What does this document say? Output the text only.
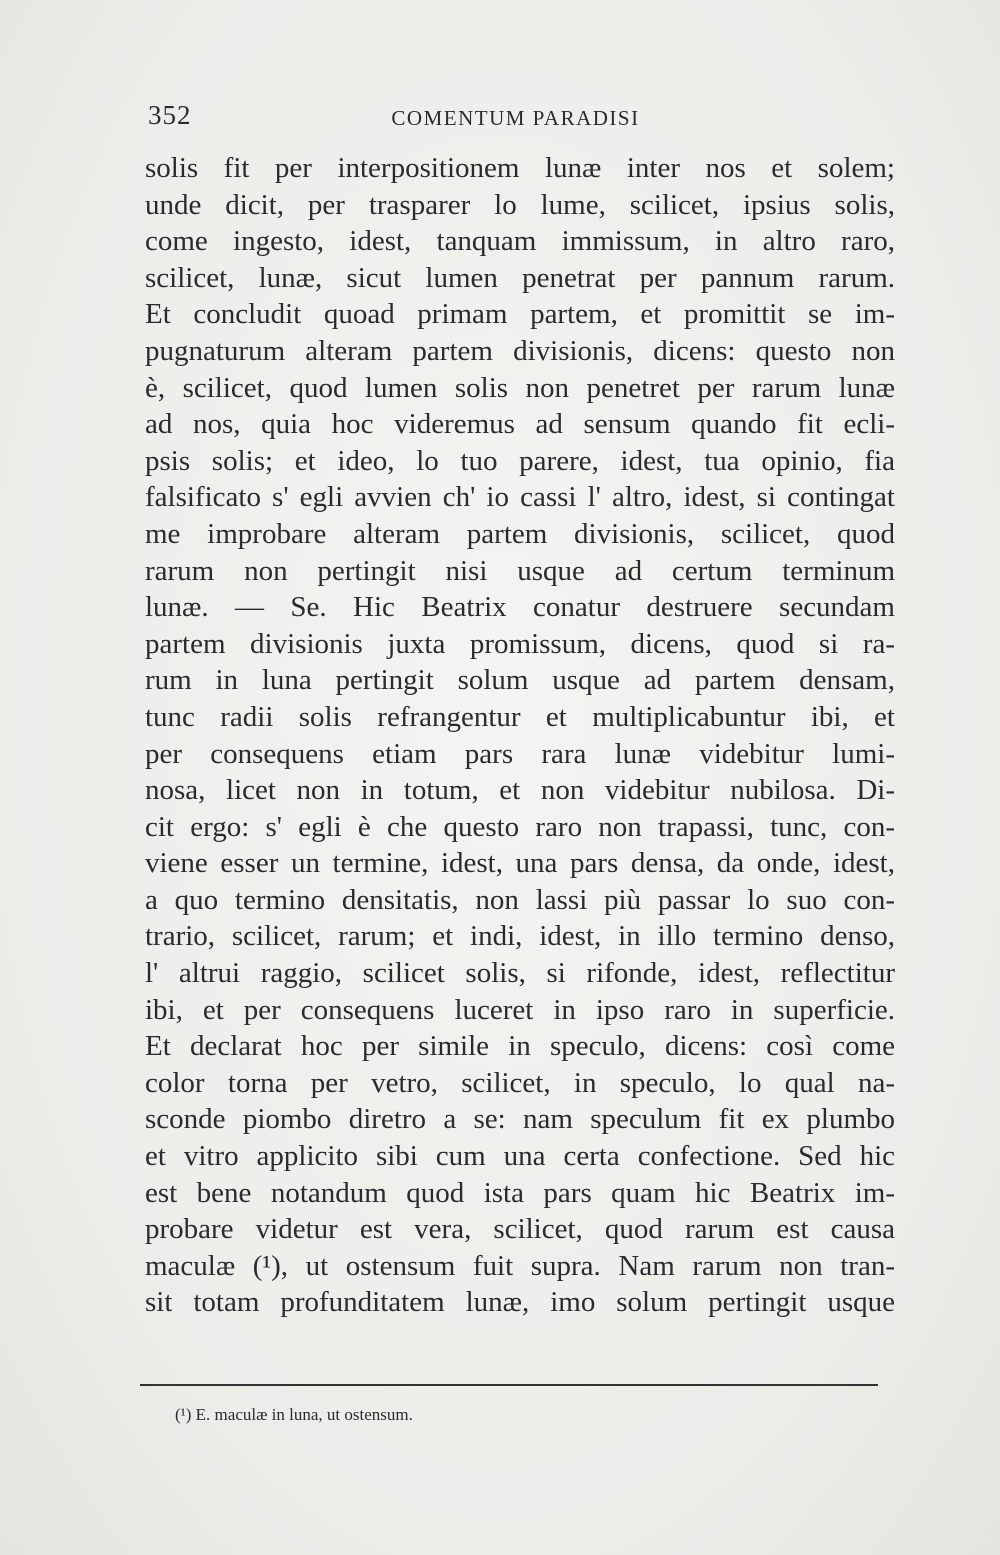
352	COMENTUM PARADISI
solis fit per interpositionem lunæ inter nos et solem;
unde dicit, per trasparer lo lume, scilicet, ipsius solis,
come ingesto, idest, tanquam immissum, in altro raro,
scilicet, lunæ, sicut lumen penetrat per pannum rarum.
Et concludit quoad primam partem, et promittit se im-
pugnaturum alteram partem divisionis, dicens: questo non
è, scilicet, quod lumen solis non penetret per rarum lunæ
ad nos, quia hoc videremus ad sensum quando fit ecli-
psis solis; et ideo, lo tuo parere, idest, tua opinio, fia
falsificato s' egli avvien ch' io cassi l' altro, idest, si contingat
me improbare alteram partem divisionis, scilicet, quod
rarum non pertingit nisi usque ad certum terminum
lunæ. — Se. Hic Beatrix conatur destruere secundam
partem divisionis juxta promissum, dicens, quod si ra-
rum in luna pertingit solum usque ad partem densam,
tunc radii solis refrangentur et multiplicabuntur ibi, et
per consequens etiam pars rara lunæ videbitur lumi-
nosa, licet non in totum, et non videbitur nubilosa. Di-
cit ergo: s' egli è che questo raro non trapassi, tunc, con-
viene esser un termine, idest, una pars densa, da onde, idest,
a quo termino densitatis, non lassi più passar lo suo con-
trario, scilicet, rarum; et indi, idest, in illo termino denso,
l' altrui raggio, scilicet solis, si rifonde, idest, reflectitur
ibi, et per consequens luceret in ipso raro in superficie.
Et declarat hoc per simile in speculo, dicens: così come
color torna per vetro, scilicet, in speculo, lo qual na-
sconde piombo diretro a se: nam speculum fit ex plumbo
et vitro applicito sibi cum una certa confectione. Sed hic
est bene notandum quod ista pars quam hic Beatrix im-
probare videtur est vera, scilicet, quod rarum est causa
maculæ (¹), ut ostensum fuit supra. Nam rarum non tran-
sit totam profunditatem lunæ, imo solum pertingit usque
(¹) E. maculæ in luna, ut ostensum.
